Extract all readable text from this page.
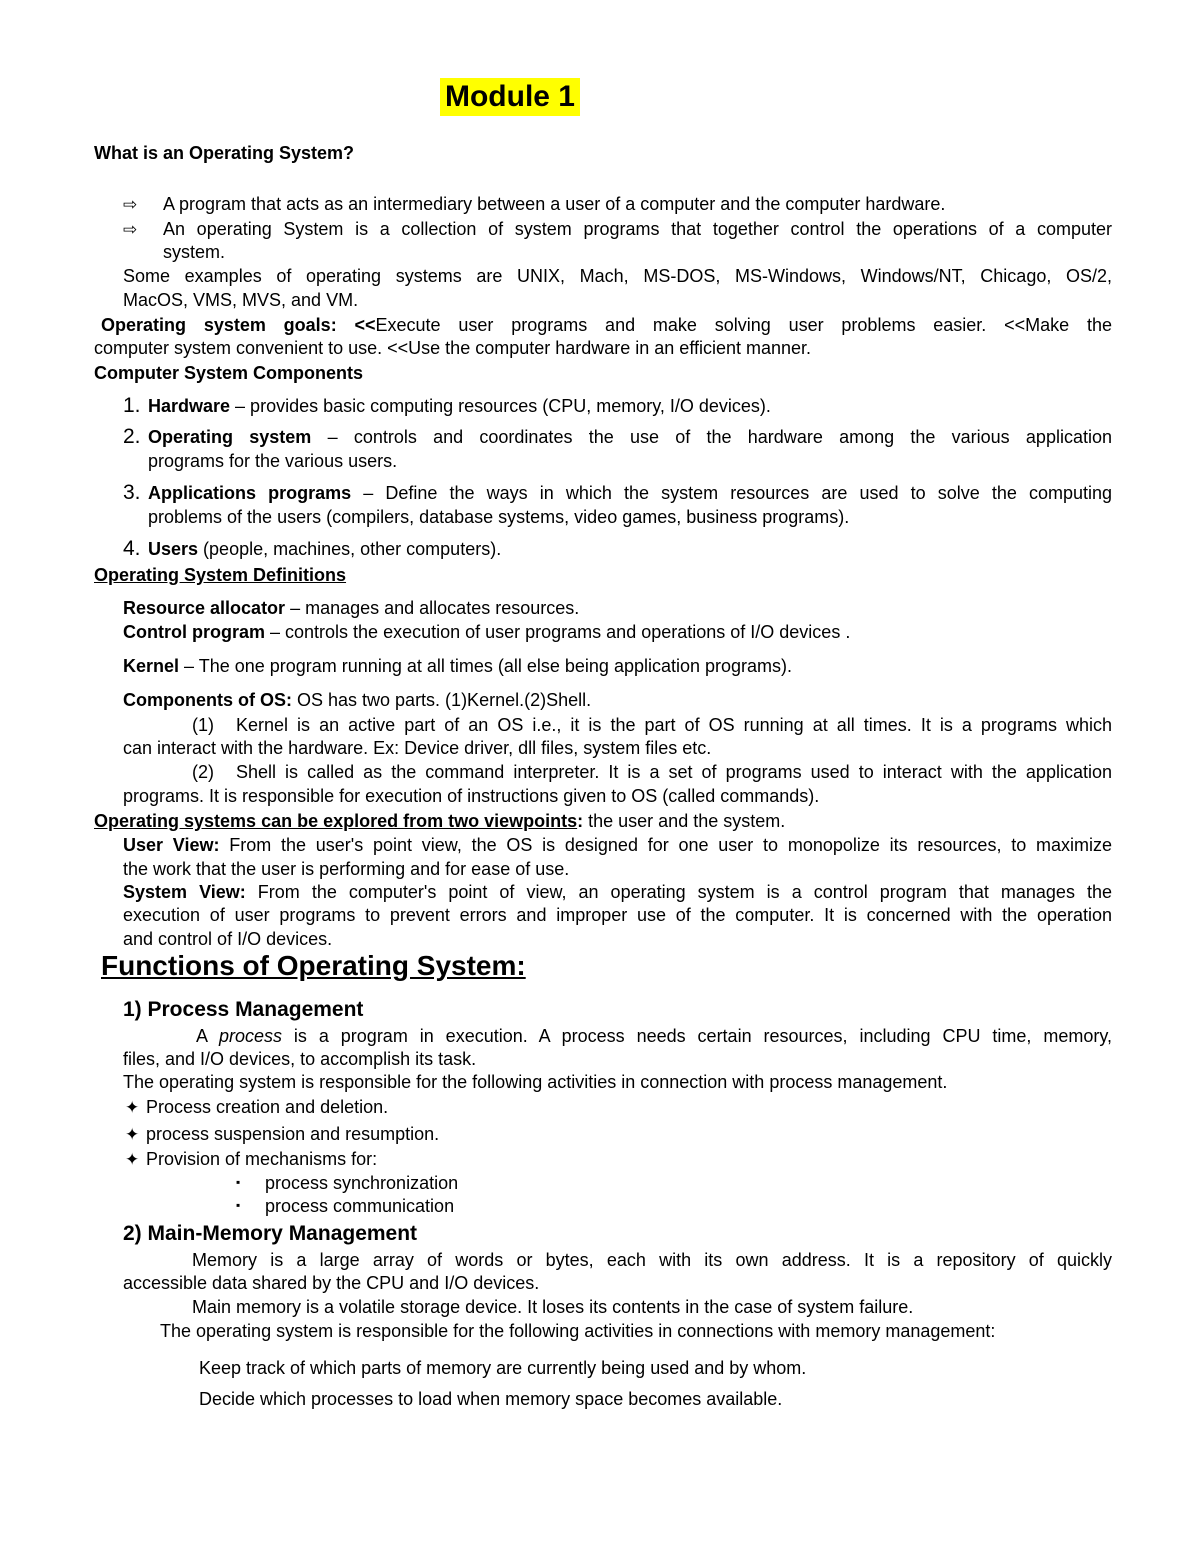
Module 1
What is an Operating System?
⇨ A program that acts as an intermediary between a user of a computer and the computer hardware.
⇨ An operating System is a collection of system programs that together control the operations of a computer
system.
Some examples of operating systems are UNIX, Mach, MS-DOS, MS-Windows, Windows/NT, Chicago, OS/2,
MacOS, VMS, MVS, and VM.
Operating system goals: <<Execute user programs and make solving user problems easier. <<Make the
computer system convenient to use. <<Use the computer hardware in an efficient manner.
Computer System Components
1. Hardware – provides basic computing resources (CPU, memory, I/O devices).
2. Operating system – controls and coordinates the use of the hardware among the various application
programs for the various users.
3. Applications programs – Define the ways in which the system resources are used to solve the computing
problems of the users (compilers, database systems, video games, business programs).
4. Users (people, machines, other computers).
Operating System Definitions
Resource allocator – manages and allocates resources.
Control program – controls the execution of user programs and operations of I/O devices .
Kernel – The one program running at all times (all else being application programs).
Components of OS: OS has two parts. (1)Kernel.(2)Shell.
(1) Kernel is an active part of an OS i.e., it is the part of OS running at all times. It is a programs which
can interact with the hardware. Ex: Device driver, dll files, system files etc.
(2) Shell is called as the command interpreter. It is a set of programs used to interact with the application
programs. It is responsible for execution of instructions given to OS (called commands).
Operating systems can be explored from two viewpoints: the user and the system.
User View: From the user's point view, the OS is designed for one user to monopolize its resources, to maximize
the work that the user is performing and for ease of use.
System View: From the computer's point of view, an operating system is a control program that manages the
execution of user programs to prevent errors and improper use of the computer. It is concerned with the operation
and control of I/O devices.
Functions of Operating System:
1) Process Management
A process is a program in execution. A process needs certain resources, including CPU time, memory,
files, and I/O devices, to accomplish its task.
The operating system is responsible for the following activities in connection with process management.
✦ Process creation and deletion.
✦ process suspension and resumption.
✦ Provision of mechanisms for:
▪ process synchronization
▪ process communication
2) Main-Memory Management
Memory is a large array of words or bytes, each with its own address. It is a repository of quickly
accessible data shared by the CPU and I/O devices.
Main memory is a volatile storage device. It loses its contents in the case of system failure.
The operating system is responsible for the following activities in connections with memory management:
Keep track of which parts of memory are currently being used and by whom.
Decide which processes to load when memory space becomes available.
